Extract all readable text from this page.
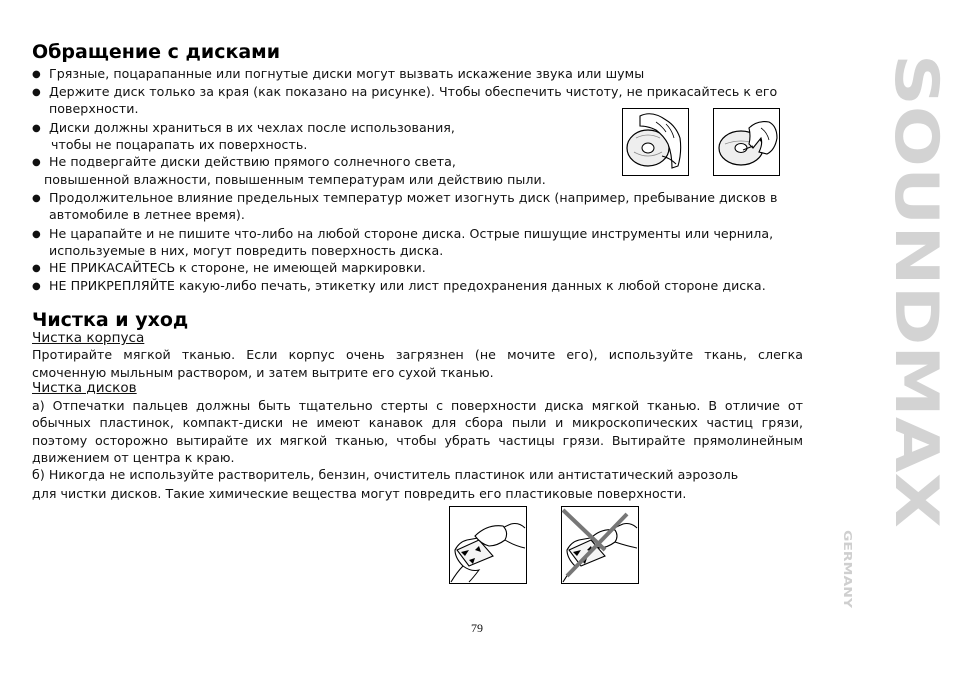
Обращение с дисками
● Грязные, поцарапанные или погнутые диски могут вызвать искажение звука или шумы
● Держите диск только за края (как показано на рисунке). Чтобы обеспечить чистоту, не прикасайтесь к его
поверхности.
● Диски должны храниться в их чехлах после использования,
чтобы не поцарапать их поверхность.
● Не подвергайте диски действию прямого солнечного света,
повышенной влажности, повышенным температурам или действию пыли.
● Продолжительное влияние предельных температур может изогнуть диск (например, пребывание дисков в
автомобиле в летнее время).
● Не царапайте и не пишите что-либо на любой стороне диска. Острые пишущие инструменты или чернила,
используемые в них, могут повредить поверхность диска.
● НЕ ПРИКАСАЙТЕСЬ к стороне, не имеющей маркировки.
● НЕ ПРИКРЕПЛЯЙТЕ какую-либо печать, этикетку или лист предохранения данных к любой стороне диска.
Чистка и уход
Чистка корпуса
Протирайте мягкой тканью. Если корпус очень загрязнен (не мочите его), используйте ткань, слегка
смоченную мыльным раствором, и затем вытрите его сухой тканью.
Чистка дисков
а) Отпечатки пальцев должны быть тщательно стерты с поверхности диска мягкой тканью. В отличие от
обычных пластинок, компакт-диски не имеют канавок для сбора пыли и микроскопических частиц грязи,
поэтому осторожно вытирайте их мягкой тканью, чтобы убрать частицы грязи. Вытирайте прямолинейным
движением от центра к краю.
б) Никогда не используйте растворитель, бензин, очиститель пластинок или антистатический аэрозоль
для чистки дисков. Такие химические вещества могут повредить его пластиковые поверхности.
SOUNDMAX
GERMANY
79
